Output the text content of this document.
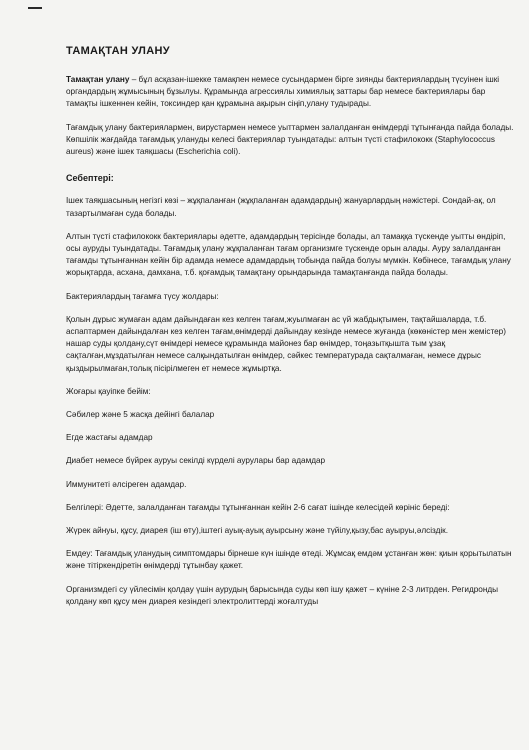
ТАМАҚТАН УЛАНУ

Тамақтан улану – бұл асқазан-ішекке тамақпен немесе сусындармен бірге зиянды бактериялардың түсуінен ішкі органдардың жұмысының бұзылуы. Құрамында агрессиялы химиялық заттары бар немесе бактериялары бар тамақты ішкеннен кейін, токсиндер қан құрамына ақырын сіңіп,улану тудырады.

Тағамдық улану бактериялармен, вирустармен немесе уыттармен залалданған өнімдерді тұтынғанда пайда болады. Көпшілік жағдайда тағамдық улануды келесі бактериялар туындатады: алтын түсті стафилококк (Staphylococcus aureus) және ішек таяқшасы (Escherichia coli).

Себептері:

Ішек таяқшасының негізгі көзі – жұқпаланған (жұқпаланған адамдардың) жануарлардың нәжістері. Сондай-ақ, ол тазартылмаған суда болады.

Алтын түсті стафилококк бактериялары әдетте, адамдардың терісінде болады, ал тамаққа түскенде уытты өндіріп, осы ауруды туындатады. Тағамдық улану жұқпаланған тағам организмге түскенде орын алады. Ауру залалданған тағамды тұтынғаннан кейін бір адамда немесе адамдардың тобында пайда болуы мүмкін. Көбінесе, тағамдық улану жорықтарда, асхана, дамхана, т.б. қоғамдық тамақтану орындарында тамақтанғанда пайда болады.

Бактериялардың тағамға түсу жолдары:

Қолын дұрыс жумаған адам дайындаған кез келген тағам,жуылмаған ас үй жабдықтымен, тақтайшаларда, т.б. аспаптармен дайындалған кез келген тағам,өнімдерді дайындау кезінде немесе жуғанда (көкөністер мен жемістер) нашар суды қолдану,сүт өнімдері немесе құрамында майонез бар өнімдер, тоңазытқышта тым ұзақ сақталған,мұздатылған немесе салқындатылған өнімдер, сәйкес температурада сақталмаған, немесе дұрыс қыздырылмаған,толық пісірілмеген ет немесе жұмыртқа.

Жоғары қауіпке бейім:

Сәбилер және 5 жасқа дейінгі балалар

Егде жастағы адамдар

Диабет немесе бүйрек ауруы секілді күрделі аурулары бар адамдар

Иммунитеті әлсіреген адамдар.

Белгілері: Әдетте, залалданған тағамды тұтынғаннан кейін 2-6 сағат ішінде келесідей көрініс береді:

Жүрек айнуы, құсу, диарея (іш өту),іштегі ауық-ауық ауырсыну және түйілу,қызу,бас ауыруы,әлсіздік.

Емдеу: Тағамдық уланудың симптомдары бірнеше күн ішінде өтеді. Жұмсақ емдәм ұстанған жөн: қиын қорытылатын және тітіркендіретін өнімдерді тұтынбау қажет.

Организмдегі су үйлесімін қолдау үшін аурудың барысында суды көп ішу қажет – күніне 2-3 литрден. Регидронды қолдану көп құсу мен диарея кезіндегі электролиттерді жоғалтуды
